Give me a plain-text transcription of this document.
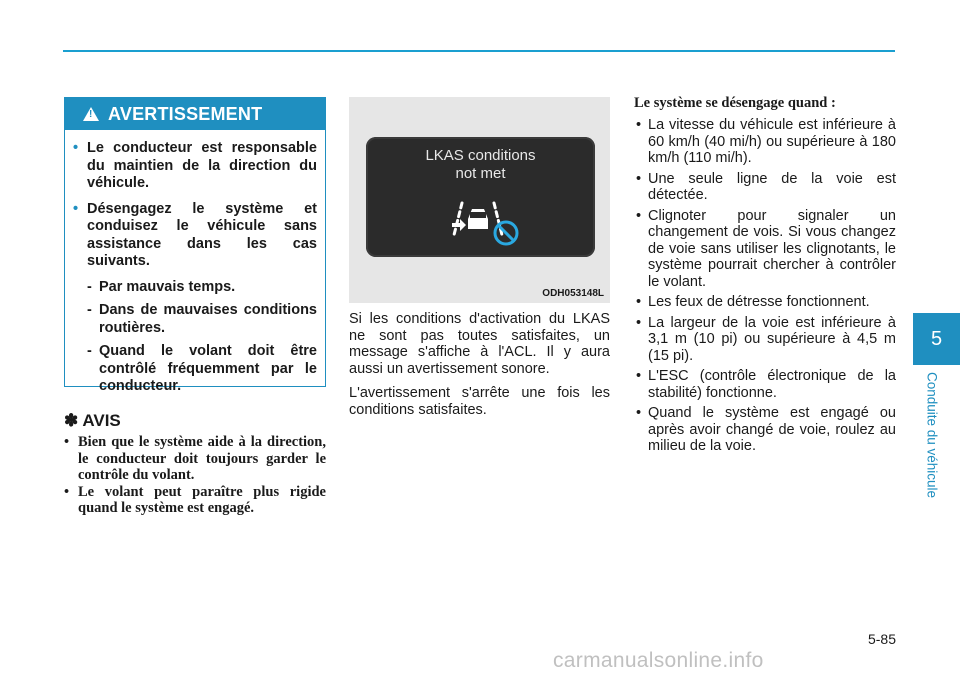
!
AVERTISSEMENT
• Le conducteur est responsable du maintien de la direction du véhicule.
• Désengagez le système et conduisez le véhicule sans assistance dans les cas suivants.
- Par mauvais temps.
- Dans de mauvaises conditions routières.
- Quand le volant doit être contrôlé fréquemment par le conducteur.
✽ AVIS
• Bien que le système aide à la direction, le conducteur doit toujours garder le contrôle du volant.
• Le volant peut paraître plus rigide quand le système est engagé.
LKAS conditions
not met
ODH053148L

Si les conditions d'activation du LKAS ne sont pas toutes satisfaites, un message s'affiche à l'ACL. Il y aura aussi un avertissement sonore.

L'avertissement s'arrête une fois les conditions satisfaites.

Le système se désengage quand :
• La vitesse du véhicule est inférieure à 60 km/h (40 mi/h) ou supérieure à 180 km/h (110 mi/h).
• Une seule ligne de la voie est détectée.
• Clignoter pour signaler un changement de vois. Si vous changez de voie sans utiliser les clignotants, le système pourrait chercher à contrôler le volant.
• Les feux de détresse fonctionnent.
• La largeur de la voie est inférieure à 3,1 m (10 pi) ou supérieure à 4,5 m (15 pi).
• L'ESC (contrôle électronique de la stabilité) fonctionne.
• Quand le système est engagé ou après avoir changé de voie, roulez au milieu de la voie.
5
Conduite du véhicule
5-85
carmanualsonline.info
